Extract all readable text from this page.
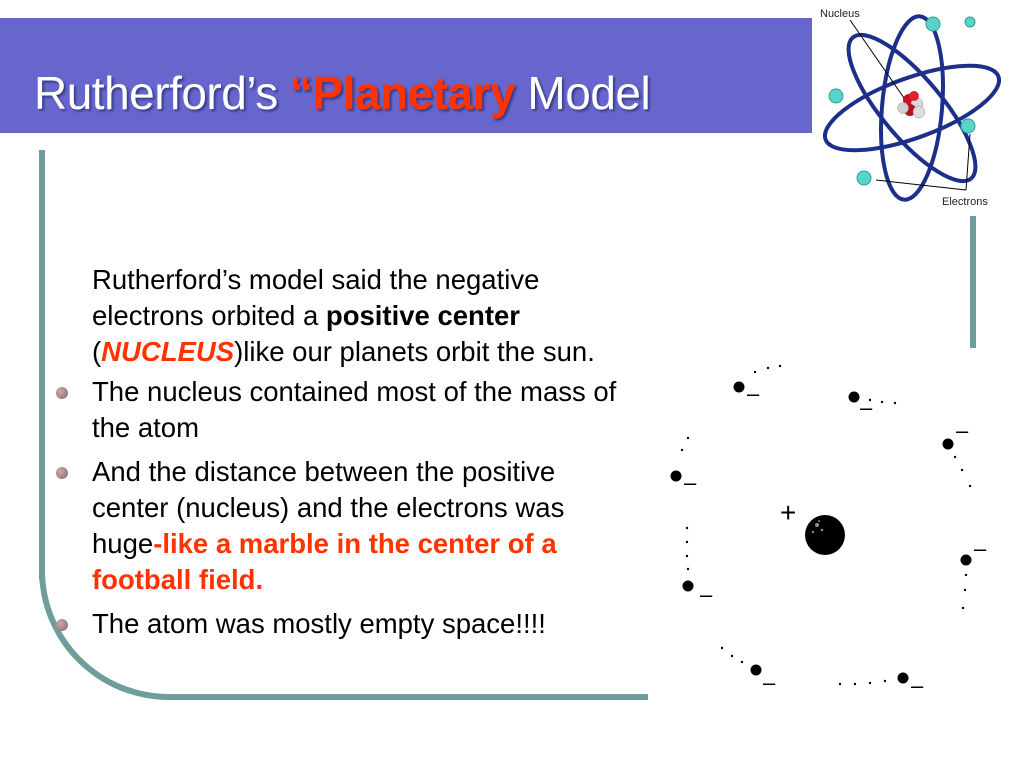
Rutherford’s “Planetary Model

Rutherford’s model said the negative electrons orbited a positive center (NUCLEUS)like our planets orbit the sun.

The nucleus contained most of the mass of the atom

And the distance between the positive center (nucleus) and the electrons was huge-like a marble in the center of a football field.

The atom was mostly empty space!!!!

Nucleus
Electrons
–
–
–
–
–
–
–	–
+
